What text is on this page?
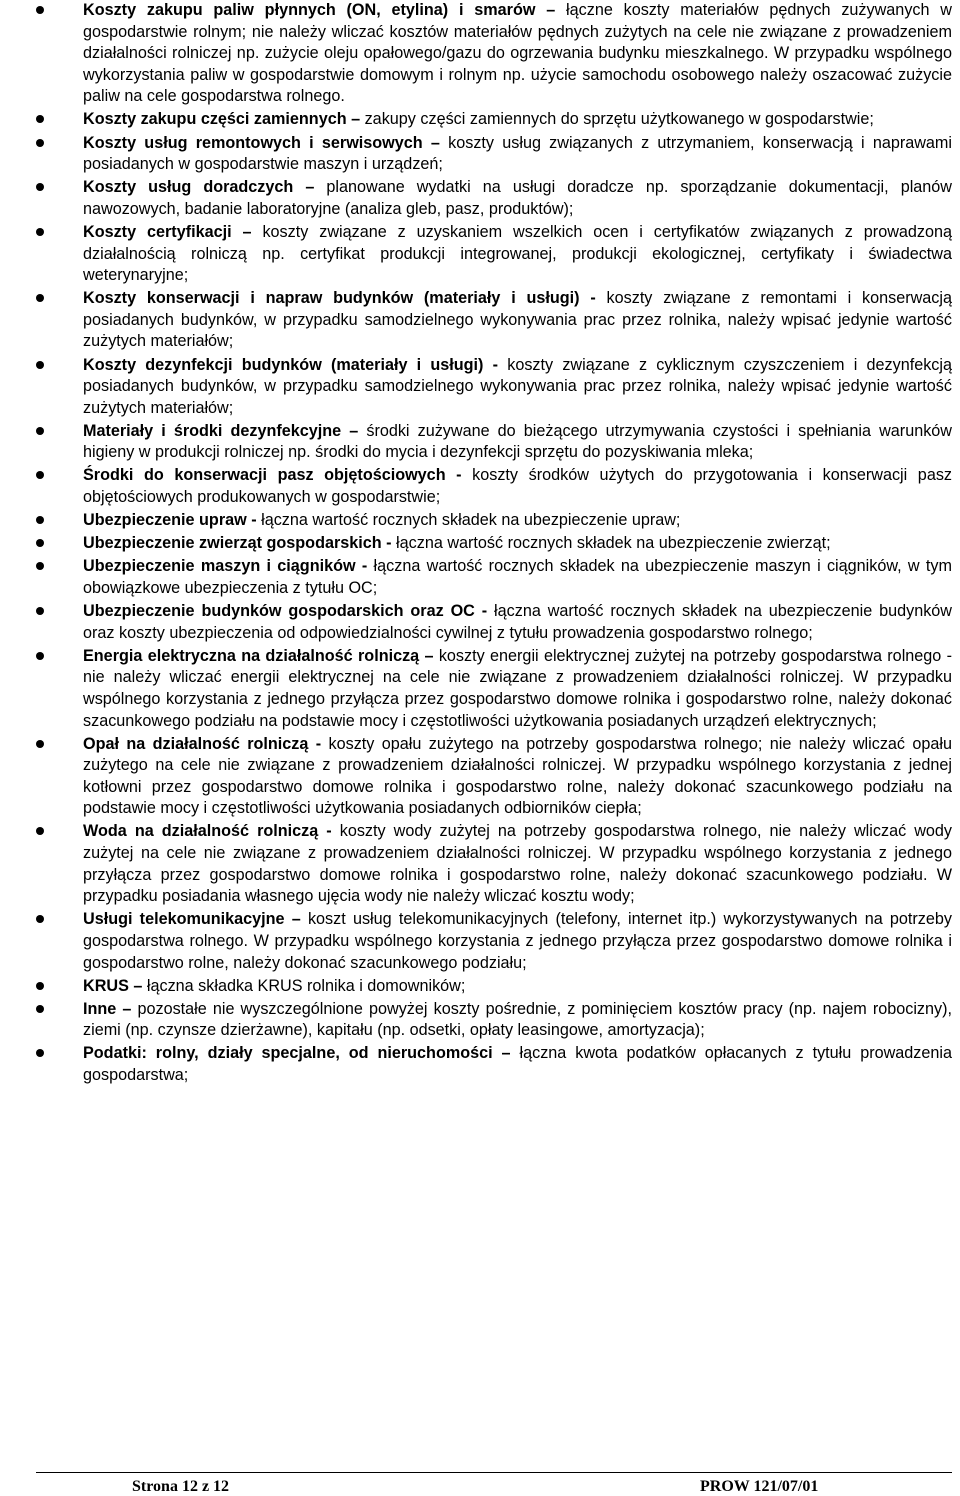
Koszty zakupu paliw płynnych (ON, etylina) i smarów – łączne koszty materiałów pędnych zużywanych w gospodarstwie rolnym; nie należy wliczać kosztów materiałów pędnych zużytych na cele nie związane z prowadzeniem działalności rolniczej np. zużycie oleju opałowego/gazu do ogrzewania budynku mieszkalnego. W przypadku wspólnego wykorzystania paliw w gospodarstwie domowym i rolnym np. użycie samochodu osobowego należy oszacować zużycie paliw na cele gospodarstwa rolnego.
Koszty zakupu części zamiennych – zakupy części zamiennych do sprzętu użytkowanego w gospodarstwie;
Koszty usług remontowych i serwisowych – koszty usług związanych z utrzymaniem, konserwacją i naprawami posiadanych w gospodarstwie maszyn i urządzeń;
Koszty usług doradczych – planowane wydatki na usługi doradcze np. sporządzanie dokumentacji, planów nawozowych, badanie laboratoryjne (analiza gleb, pasz, produktów);
Koszty certyfikacji – koszty związane z uzyskaniem wszelkich ocen i certyfikatów związanych z prowadzoną działalnością rolniczą np. certyfikat produkcji integrowanej, produkcji ekologicznej, certyfikaty i świadectwa weterynaryjne;
Koszty konserwacji i napraw budynków (materiały i usługi) - koszty związane z remontami i konserwacją posiadanych budynków, w przypadku samodzielnego wykonywania prac przez rolnika, należy wpisać jedynie wartość zużytych materiałów;
Koszty dezynfekcji budynków (materiały i usługi) - koszty związane z cyklicznym czyszczeniem i dezynfekcją posiadanych budynków, w przypadku samodzielnego wykonywania prac przez rolnika, należy wpisać jedynie wartość zużytych materiałów;
Materiały i środki dezynfekcyjne – środki zużywane do bieżącego utrzymywania czystości i spełniania warunków higieny w produkcji rolniczej np. środki do mycia i dezynfekcji sprzętu do pozyskiwania mleka;
Środki do konserwacji pasz objętościowych - koszty środków użytych do przygotowania i konserwacji pasz objętościowych produkowanych w gospodarstwie;
Ubezpieczenie upraw - łączna wartość rocznych składek na ubezpieczenie upraw;
Ubezpieczenie zwierząt gospodarskich - łączna wartość rocznych składek na ubezpieczenie zwierząt;
Ubezpieczenie maszyn i ciągników - łączna wartość rocznych składek na ubezpieczenie maszyn i ciągników, w tym obowiązkowe ubezpieczenia z tytułu OC;
Ubezpieczenie budynków gospodarskich oraz OC - łączna wartość rocznych składek na ubezpieczenie budynków oraz koszty ubezpieczenia od odpowiedzialności cywilnej z tytułu prowadzenia gospodarstwo rolnego;
Energia elektryczna na działalność rolniczą – koszty energii elektrycznej zużytej na potrzeby gospodarstwa rolnego - nie należy wliczać energii elektrycznej na cele nie związane z prowadzeniem działalności rolniczej. W przypadku wspólnego korzystania z jednego przyłącza przez gospodarstwo domowe rolnika i gospodarstwo rolne, należy dokonać szacunkowego podziału na podstawie mocy i częstotliwości użytkowania posiadanych urządzeń elektrycznych;
Opał na działalność rolniczą - koszty opału zużytego na potrzeby gospodarstwa rolnego; nie należy wliczać opału zużytego na cele nie związane z prowadzeniem działalności rolniczej. W przypadku wspólnego korzystania z jednej kotłowni przez gospodarstwo domowe rolnika i gospodarstwo rolne, należy dokonać szacunkowego podziału na podstawie mocy i częstotliwości użytkowania posiadanych odbiorników ciepła;
Woda na działalność rolniczą - koszty wody zużytej na potrzeby gospodarstwa rolnego, nie należy wliczać wody zużytej na cele nie związane z prowadzeniem działalności rolniczej. W przypadku wspólnego korzystania z jednego przyłącza przez gospodarstwo domowe rolnika i gospodarstwo rolne, należy dokonać szacunkowego podziału. W przypadku posiadania własnego ujęcia wody nie należy wliczać kosztu wody;
Usługi telekomunikacyjne – koszt usług telekomunikacyjnych (telefony, internet itp.) wykorzystywanych na potrzeby gospodarstwa rolnego. W przypadku wspólnego korzystania z jednego przyłącza przez gospodarstwo domowe rolnika i gospodarstwo rolne, należy dokonać szacunkowego podziału;
KRUS – łączna składka KRUS rolnika i domowników;
Inne – pozostałe nie wyszczególnione powyżej koszty pośrednie, z pominięciem kosztów pracy (np. najem robocizny), ziemi (np. czynsze dzierżawne), kapitału (np. odsetki, opłaty leasingowe, amortyzacja);
Podatki: rolny, działy specjalne, od nieruchomości – łączna kwota podatków opłacanych z tytułu prowadzenia gospodarstwa;
Strona 12 z 12	PROW 121/07/01
